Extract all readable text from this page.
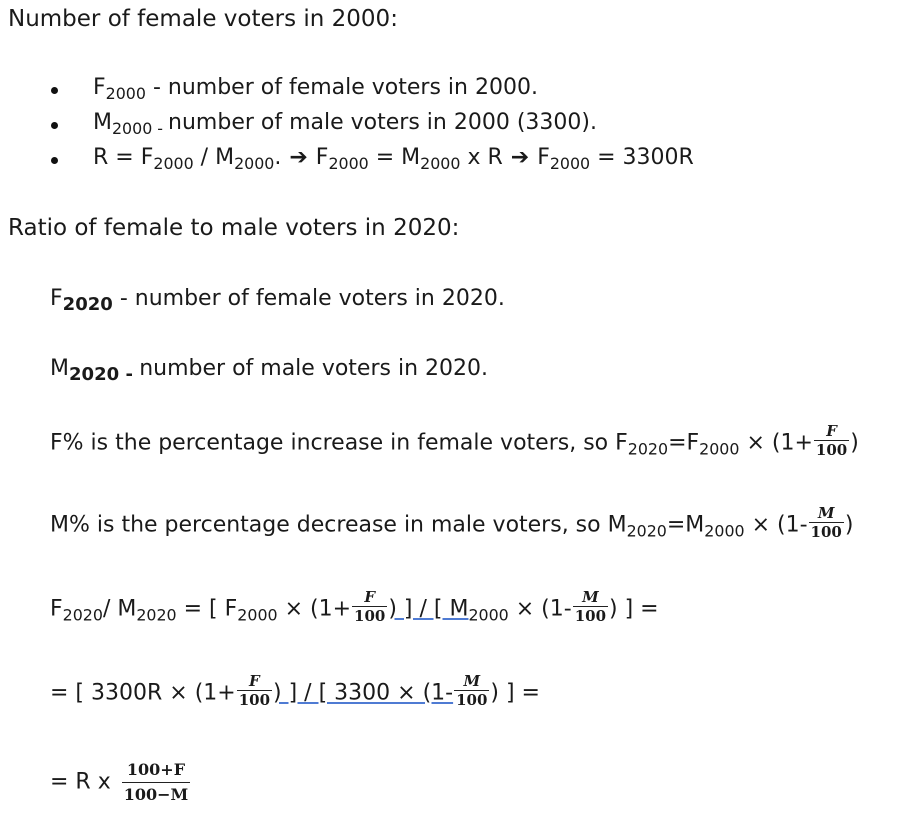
Number of female voters in 2000:
$F_{2000}$ - number of female voters in 2000.
$M_{2000 -}$ number of male voters in 2000 (3300).
$R = F_{2000} / M_{2000}$. ➔ $F_{2000} = M_{2000}$ x R ➔ $F_{2000} = 3300R$
Ratio of female to male voters in 2020:
$F_{2020}$ - number of female voters in 2020.
$M_{2020 -}$ number of male voters in 2020.
F% is the percentage increase in female voters, so $F_{2020}=F_{2000} \times (1+ \frac{F}{100}$ )
M% is the percentage decrease in male voters, so $M_{2020}=M_{2000} \times (1- \frac{M}{100}$ )
$F_{2020}/$ $M_{2020}$ = [ $F_{2000} \times (1+ \frac{F}{100}$ ) ] / [ $M_{2000} \times (1- \frac{M}{100}$ ) ] =
= [ $3300R \times (1+ \frac{F}{100}$ ) ] / [ $3300 \times (1- \frac{M}{100}$ ) ] =
= R x $\frac{100+F}{100-M}$
